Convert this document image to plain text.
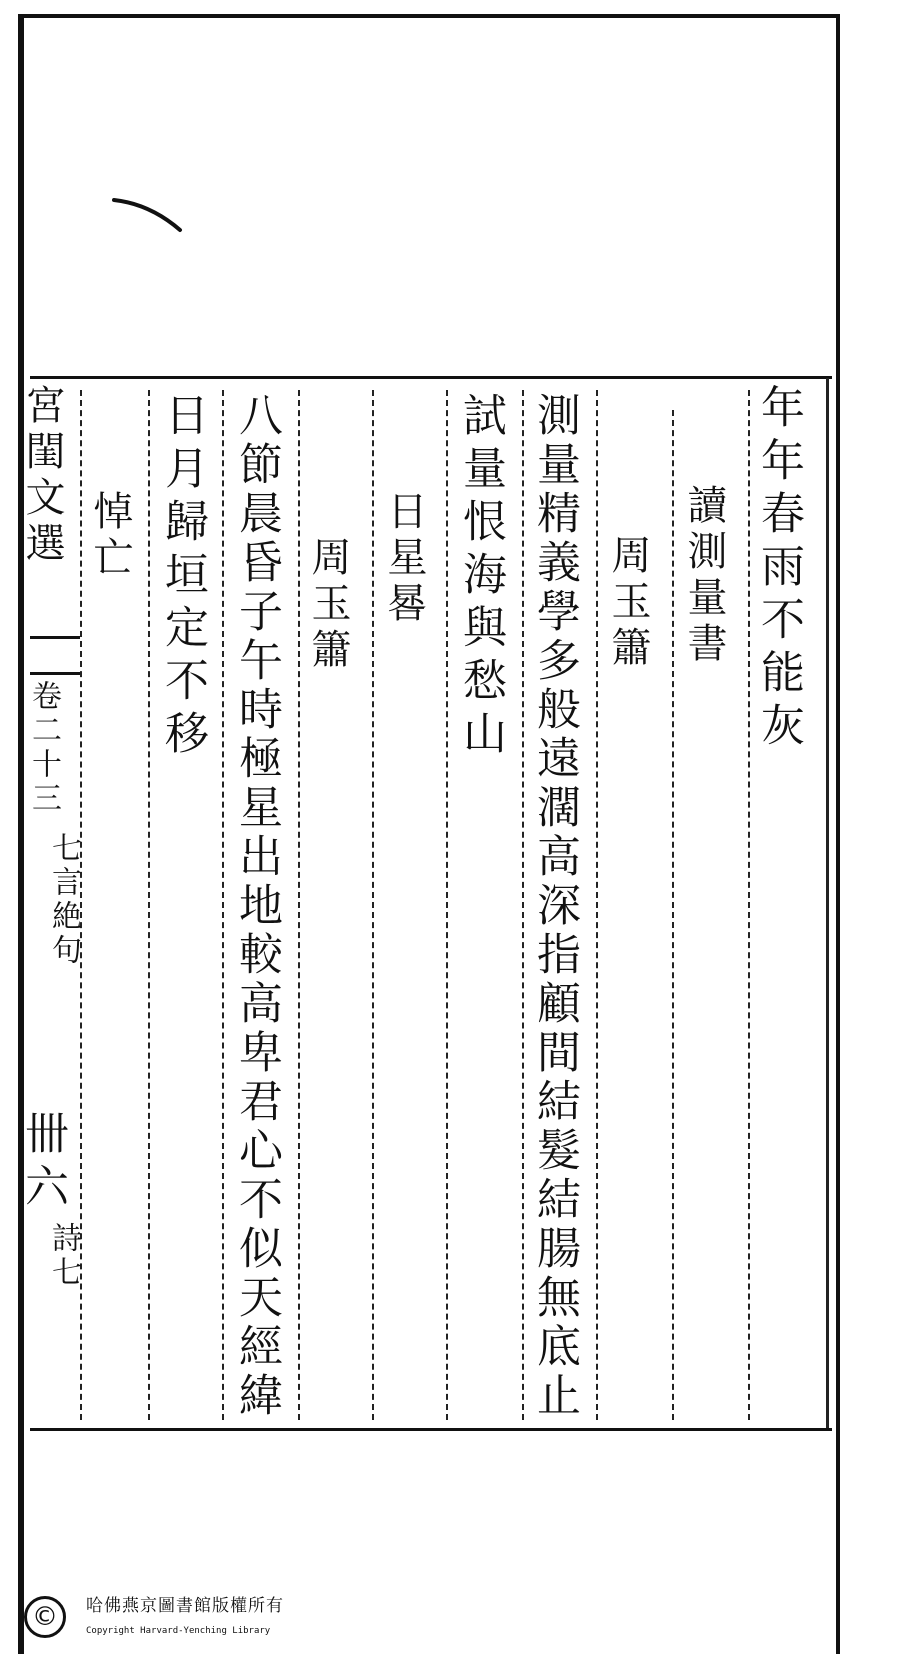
年年春雨不能灰
讀測量書
周玉簫
測量精義學多般遠濶高深指顧間結髮結腸無底止
試量恨海與愁山
日星晷
周玉簫
八節晨昏子午時極星出地較高卑君心不似天經緯
日月歸垣定不移
悼亡
宮閨文選
卷二十三
七言絶句
卌六
詩七
©	哈佛燕京圖書館版權所有
Copyright Harvard-Yenching Library
